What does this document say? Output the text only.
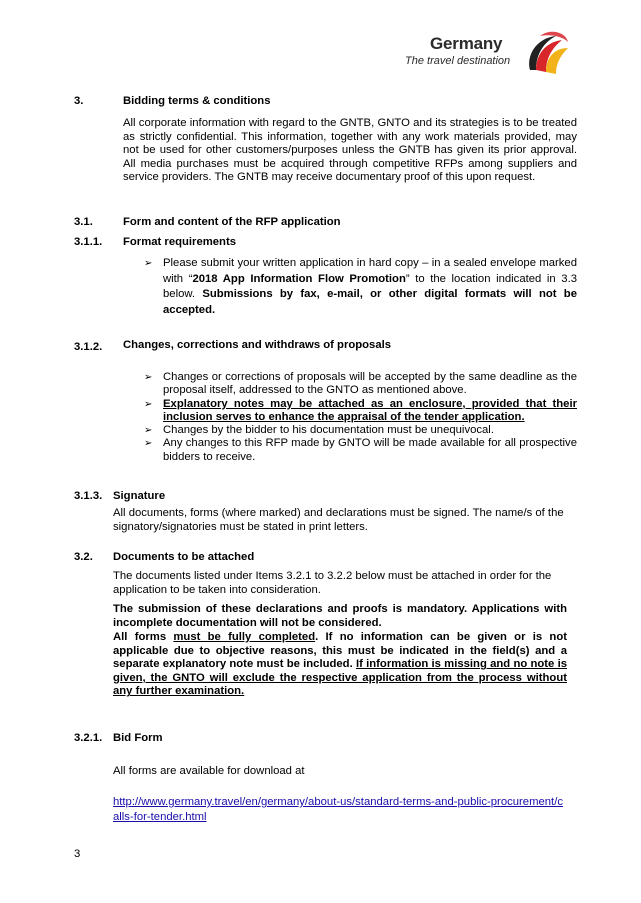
Germany
The travel destination
3.	Bidding terms & conditions
All corporate information with regard to the GNTB, GNTO and its strategies is to be treated as strictly confidential. This information, together with any work materials provided, may not be used for other customers/purposes unless the GNTB has given its prior approval. All media purchases must be acquired through competitive RFPs among suppliers and service providers. The GNTB may receive documentary proof of this upon request.
3.1.	Form and content of the RFP application
3.1.1. Format requirements
➢ Please submit your written application in hard copy – in a sealed envelope marked with “2018 App Information Flow Promotion” to the location indicated in 3.3 below. Submissions by fax, e-mail, or other digital formats will not be accepted.
3.1.2. Changes, corrections and withdraws of proposals
➢ Changes or corrections of proposals will be accepted by the same deadline as the proposal itself, addressed to the GNTO as mentioned above.
➢ Explanatory notes may be attached as an enclosure, provided that their inclusion serves to enhance the appraisal of the tender application.
➢ Changes by the bidder to his documentation must be unequivocal.
➢ Any changes to this RFP made by GNTO will be made available for all prospective bidders to receive.
3.1.3. Signature
All documents, forms (where marked) and declarations must be signed. The name/s of the signatory/signatories must be stated in print letters.
3.2. Documents to be attached
The documents listed under Items 3.2.1 to 3.2.2 below must be attached in order for the application to be taken into consideration.
The submission of these declarations and proofs is mandatory. Applications with incomplete documentation will not be considered.
All forms must be fully completed. If no information can be given or is not applicable due to objective reasons, this must be indicated in the field(s) and a separate explanatory note must be included. If information is missing and no note is given, the GNTO will exclude the respective application from the process without any further examination.
3.2.1. Bid Form
All forms are available for download at
http://www.germany.travel/en/germany/about-us/standard-terms-and-public-procurement/calls-for-tender.html
3
